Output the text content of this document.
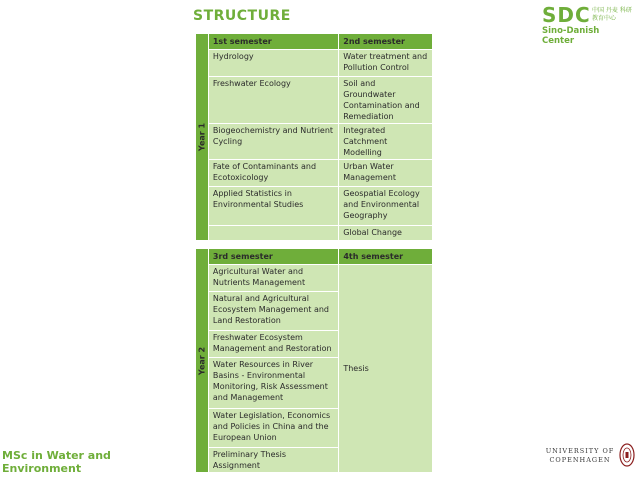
STRUCTURE	SDC 中国 丹麦 科研 教育中心
Sino-Danish Center
Year 1	1st semester	2nd semester
	Hydrology	Water treatment and Pollution Control
	Freshwater Ecology	Soil and Groundwater Contamination and Remediation
	Biogeochemistry and Nutrient Cycling	Integrated Catchment Modelling
	Fate of Contaminants and Ecotoxicology	Urban Water Management
	Applied Statistics in Environmental Studies	Geospatial Ecology and Environmental Geography
		Global Change
Year 2	3rd semester	4th semester
	Agricultural Water and Nutrients Management	Thesis
	Natural and Agricultural Ecosystem Management and Land Restoration	
	Freshwater Ecosystem Management and Restoration	
	Water Resources in River Basins - Environmental Monitoring, Risk Assessment and Management	
	Water Legislation, Economics and Policies in China and the European Union	
	Preliminary Thesis Assignment	
MSc in Water and
Environment
UNIVERSITY OF
COPENHAGEN
